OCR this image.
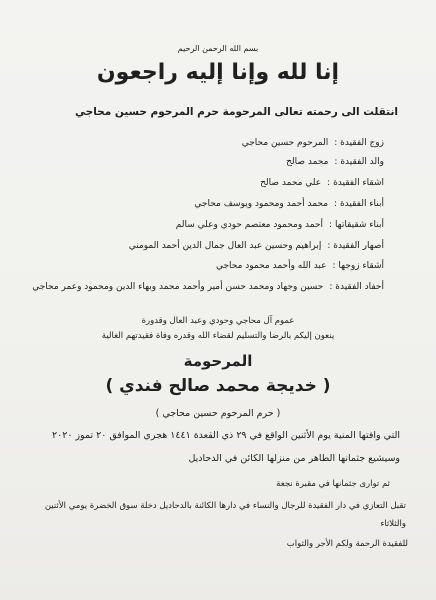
بسم الله الرحمن الرحيم
إنا لله وإنا إليه راجعون
انتقلت الى رحمته تعالى المرحومة حرم المرحوم حسين محاجي
زوج الفقيدة :المرحوم حسين محاجي
والد الفقيدة :محمد صالح
اشقاء الفقيدة :علي محمد صالح
أبناء الفقيدة :محمد أحمد ومحمود ويوسف محاجي
أبناء شقيقاتها :أحمد ومحمود معتصم حودي وعلي سالم
أصهار الفقيدة :إبراهيم وحسين عبد العال جمال الدين أحمد المومني
أشقاء زوجها :عبد الله وأحمد محمود محاجي
أحفاد الفقيدة :حسين وجهاد ومحمد حسن أمير وأحمد محمد وبهاء الدين ومحمود وعمر محاجي
عموم آل محاجي وحودي وعبد العال وقدورة
ينعون إليكم بالرضا والتسليم لقضاء الله وقدره وفاة فقيدتهم الغالية
المرحومة
( خديجة محمد صالح فندي )
( حرم المرحوم حسين محاجي )
التي وافتها المنية يوم الأثنين الواقع في ٢٩ ذي القعدة ١٤٤١ هجري الموافق ٢٠ تموز ٢٠٢٠
وسيشيع جثمانها الطاهر من منزلها الكائن في الدحاديل
ثم توارى جثمانها في مقبرة نجعة
تقبل التعازي في دار الفقيدة للرجال والنساء في دارها الكائنة بالدحاديل دخلة سوق الخضرة يومي الأثنين والثلاثاء
للفقيدة الرحمة ولكم الأجر والثواب
